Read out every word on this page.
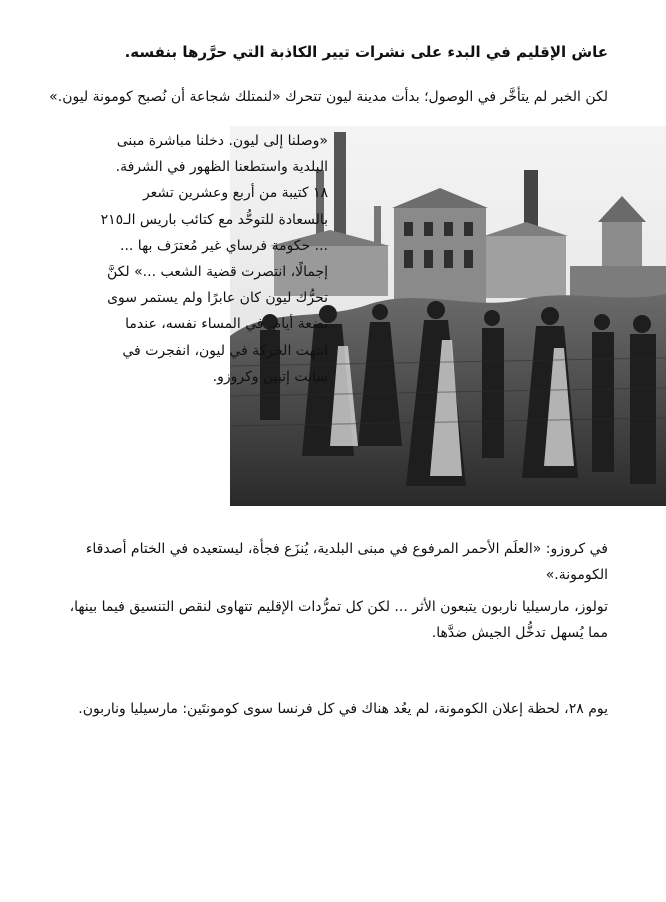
عاش الإقليم في البدء على نشرات تيير الكاذبة التي حرَّرها بنفسه.

لكن الخبر لم يتأخَّر في الوصول؛ بدأت مدينة ليون تتحرك «لنمتلك شجاعة أن نُصبح كومونة ليون.»

«وصلنا إلى ليون. دخلنا مباشرة مبنى البلدية واستطعنا الظهور في الشرفة. ١٨ كتيبة من أربع وعشرين تشعر بالسعادة للتوحُّد مع كتائب باريس الـ٢١٥ ... حكومة فرساي غير مُعترَف بها ... إجمالًا، انتصرت قضية الشعب ...» لكنَّ تحرُّك ليون كان عابرًا ولم يستمر سوى بضعة أيام. في المساء نفسه، عندما انتهت الحركة في ليون، انفجرت في سانت إتيين وكروزو.

في كروزو: «العلَم الأحمر المرفوع في مبنى البلدية، يُنزَع فجأة، ليستعيده في الختام أصدقاء الكومونة.»

تولوز، مارسيليا ناربون يتبعون الأثر ... لكن كل تمرُّدات الإقليم تتهاوى لنقص التنسيق فيما بينها، مما يُسهل تدخُّل الجيش ضدَّها.

يوم ٢٨، لحظة إعلان الكومونة، لم يعُد هناك في كل فرنسا سوى كومونتَين: مارسيليا وناربون.
